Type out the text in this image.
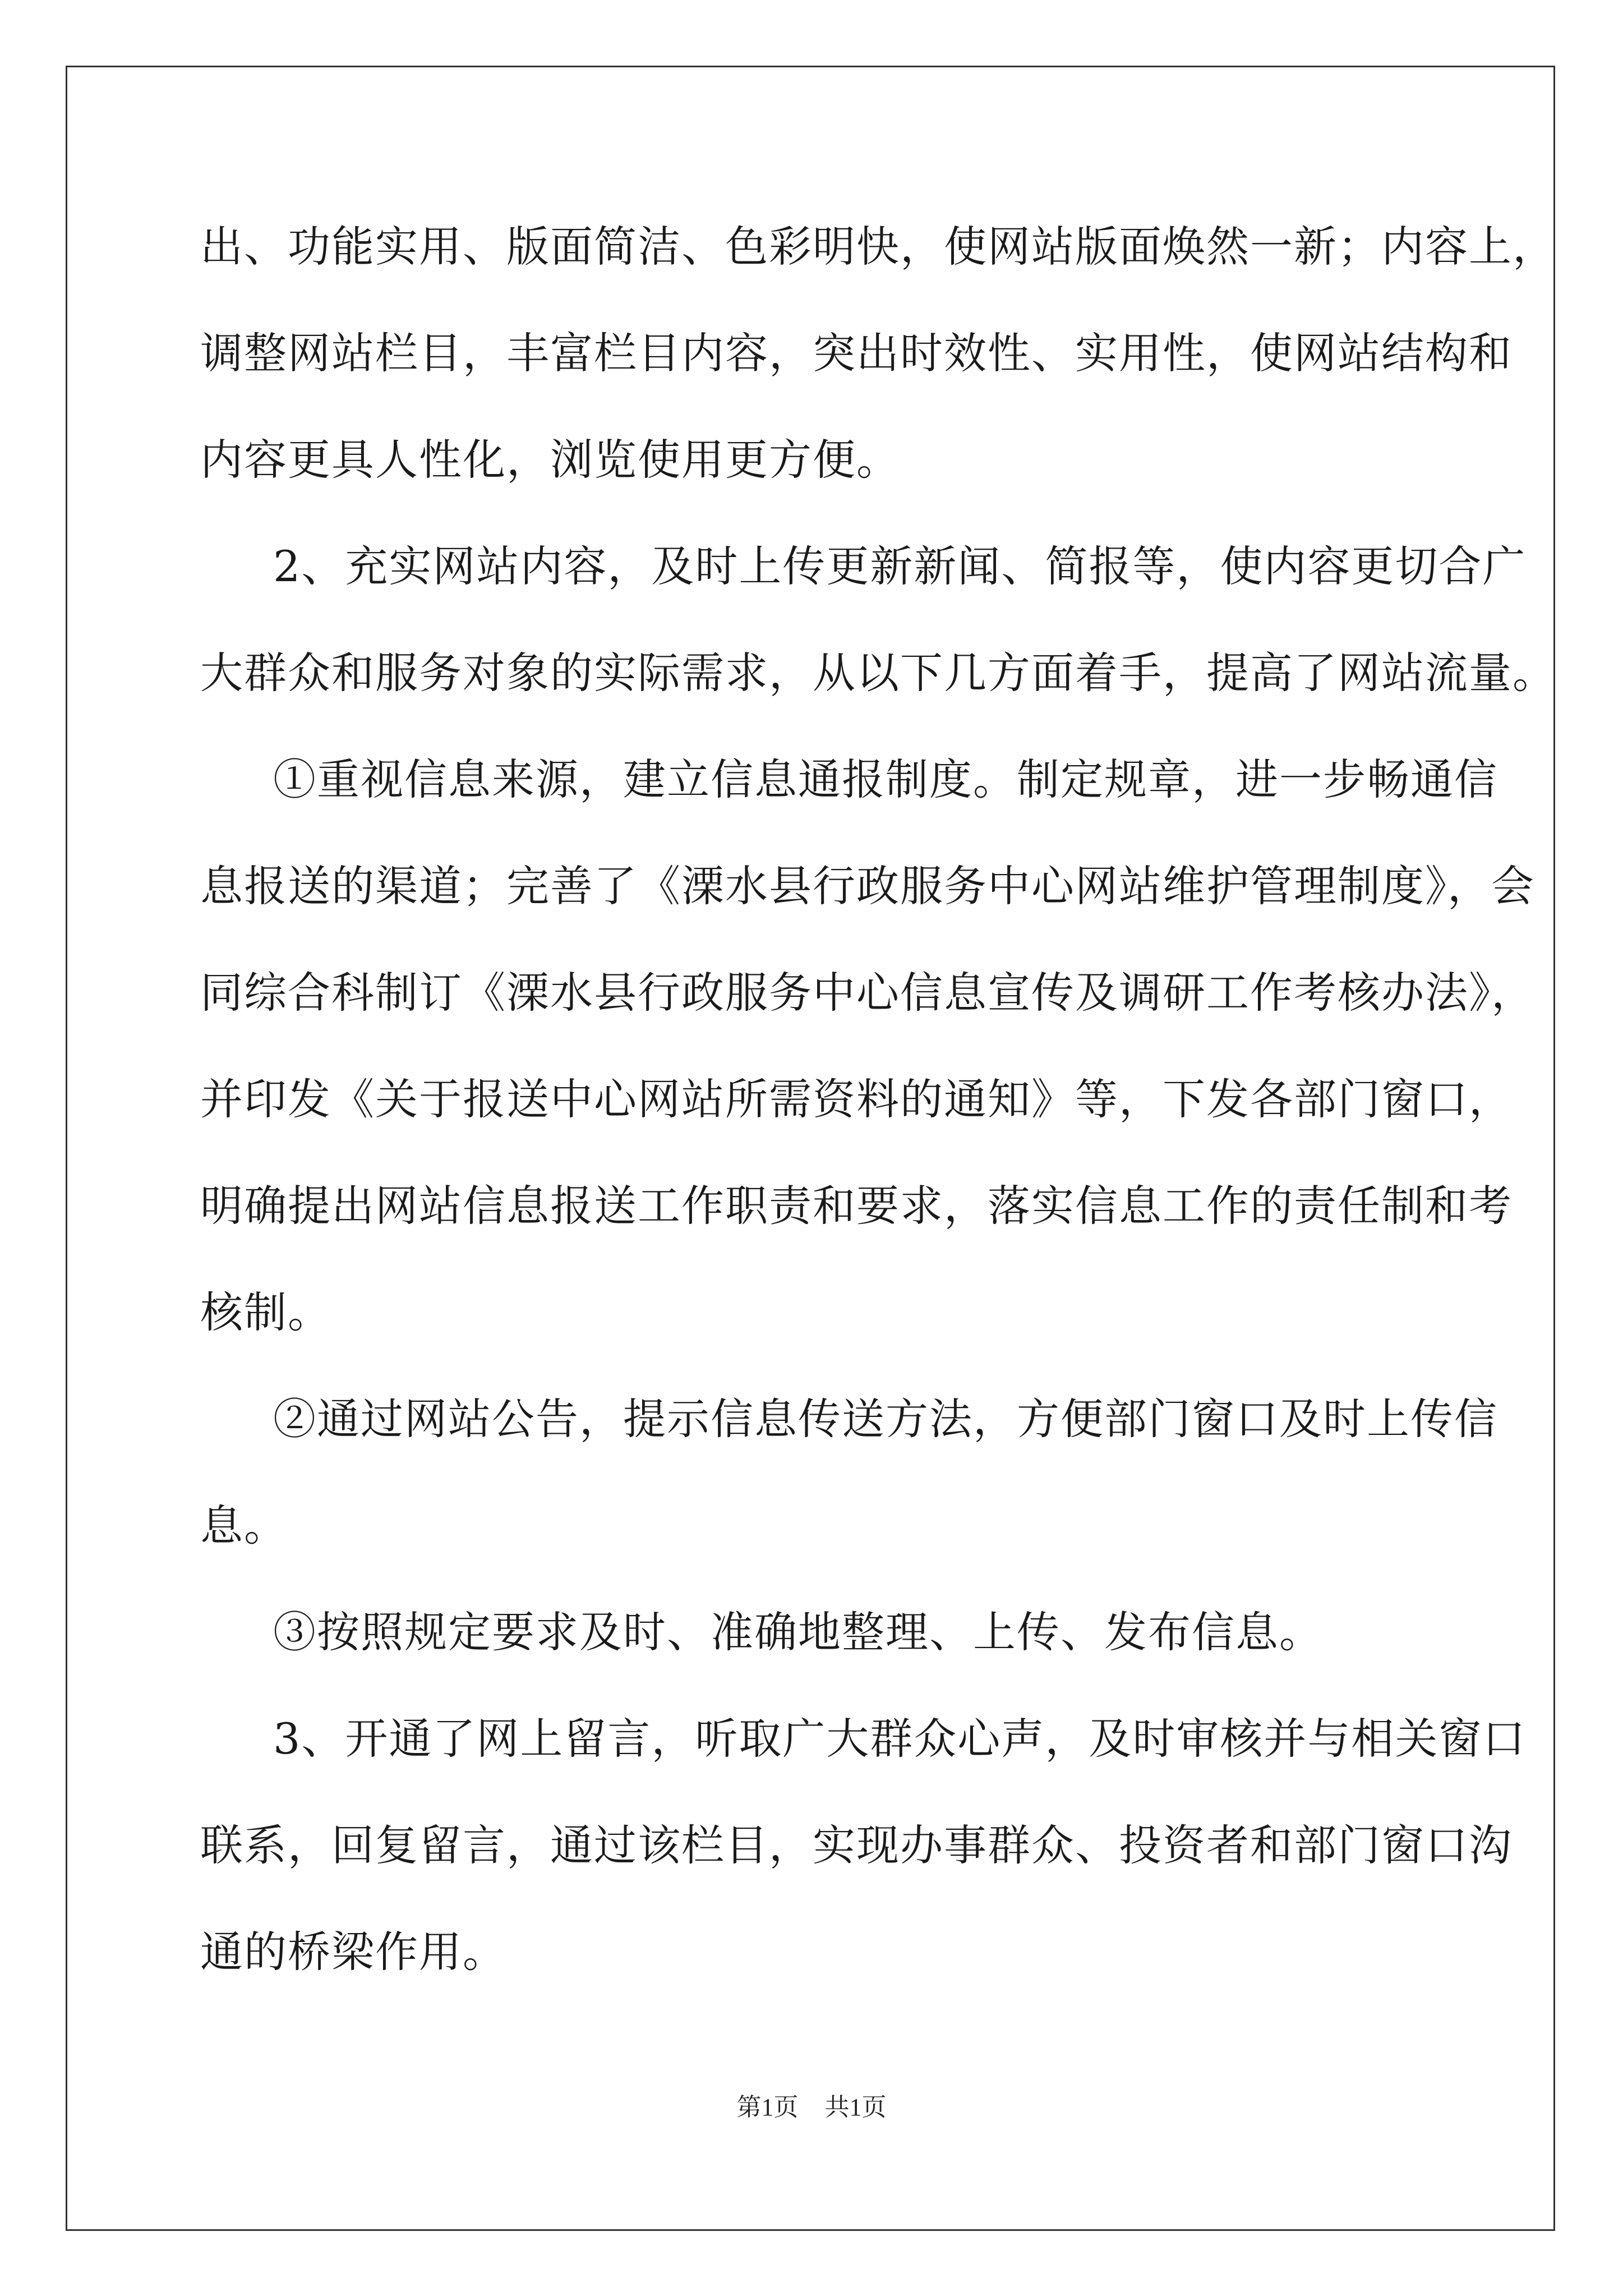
出、功能实用、版面简洁、色彩明快，使网站版面焕然一新；内容上，
调整网站栏目，丰富栏目内容，突出时效性、实用性，使网站结构和
内容更具人性化，浏览使用更方便。
2、充实网站内容，及时上传更新新闻、简报等，使内容更切合广
大群众和服务对象的实际需求，从以下几方面着手，提高了网站流量。
①重视信息来源，建立信息通报制度。制定规章，进一步畅通信
息报送的渠道；完善了《溧水县行政服务中心网站维护管理制度》，会
同综合科制订《溧水县行政服务中心信息宣传及调研工作考核办法》，
并印发《关于报送中心网站所需资料的通知》等，下发各部门窗口，
明确提出网站信息报送工作职责和要求，落实信息工作的责任制和考
核制。
②通过网站公告，提示信息传送方法，方便部门窗口及时上传信
息。
③按照规定要求及时、准确地整理、上传、发布信息。
3、开通了网上留言，听取广大群众心声，及时审核并与相关窗口
联系，回复留言，通过该栏目，实现办事群众、投资者和部门窗口沟
通的桥梁作用。
第1页 共1页
